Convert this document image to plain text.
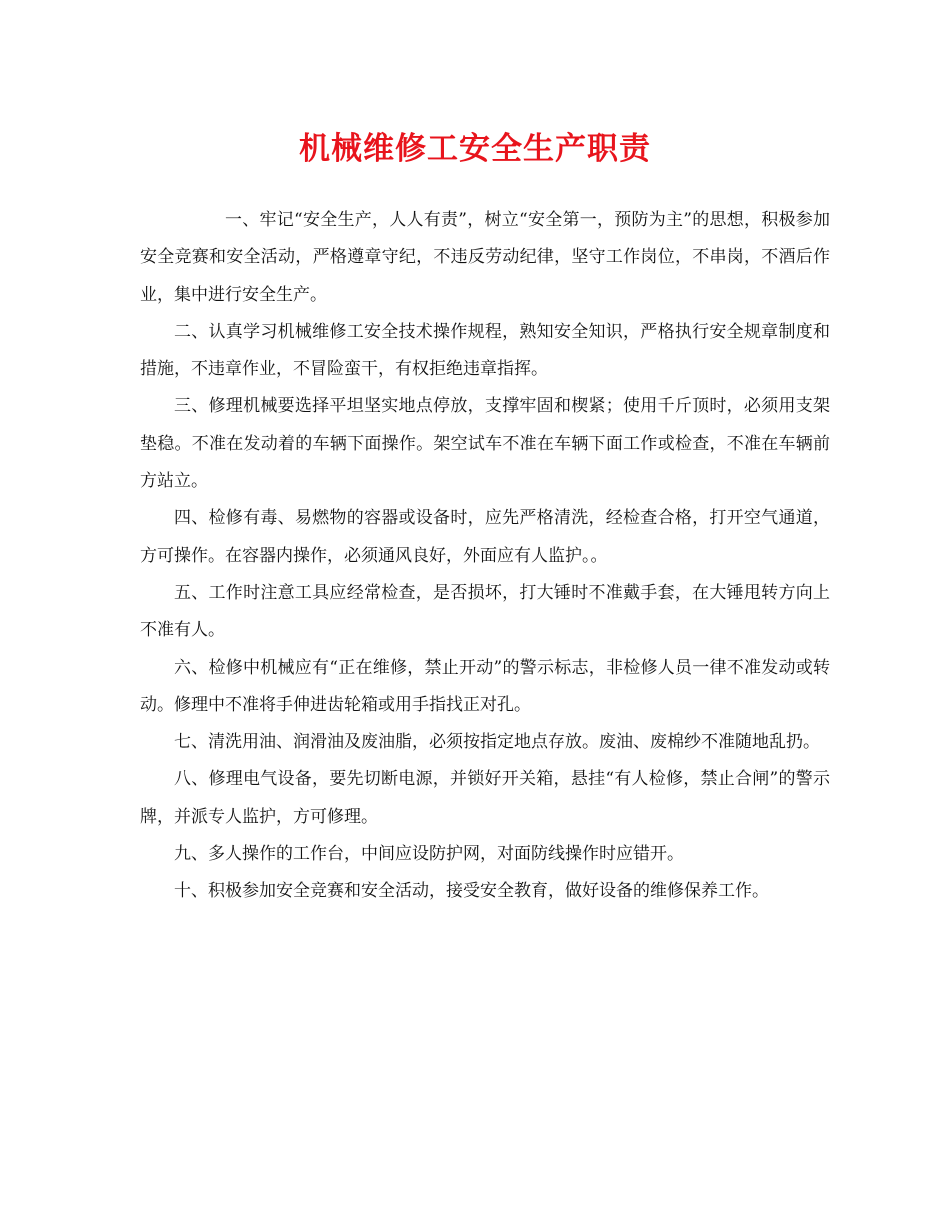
机械维修工安全生产职责

一、牢记“安全生产，人人有责”，树立“安全第一，预防为主”的思想，积极参加安全竞赛和安全活动，严格遵章守纪，不违反劳动纪律，坚守工作岗位，不串岗，不酒后作业，集中进行安全生产。

二、认真学习机械维修工安全技术操作规程，熟知安全知识，严格执行安全规章制度和措施，不违章作业，不冒险蛮干，有权拒绝违章指挥。

三、修理机械要选择平坦坚实地点停放，支撑牢固和楔紧；使用千斤顶时，必须用支架垫稳。不准在发动着的车辆下面操作。架空试车不准在车辆下面工作或检查，不准在车辆前方站立。

四、检修有毒、易燃物的容器或设备时，应先严格清洗，经检查合格，打开空气通道，方可操作。在容器内操作，必须通风良好，外面应有人监护。。

五、工作时注意工具应经常检查，是否损坏，打大锤时不准戴手套，在大锤甩转方向上不准有人。

六、检修中机械应有“正在维修，禁止开动”的警示标志，非检修人员一律不准发动或转动。修理中不准将手伸进齿轮箱或用手指找正对孔。

七、清洗用油、润滑油及废油脂，必须按指定地点存放。废油、废棉纱不准随地乱扔。

八、修理电气设备，要先切断电源，并锁好开关箱，悬挂“有人检修，禁止合闸”的警示牌，并派专人监护，方可修理。

九、多人操作的工作台，中间应设防护网，对面防线操作时应错开。

十、积极参加安全竞赛和安全活动，接受安全教育，做好设备的维修保养工作。
